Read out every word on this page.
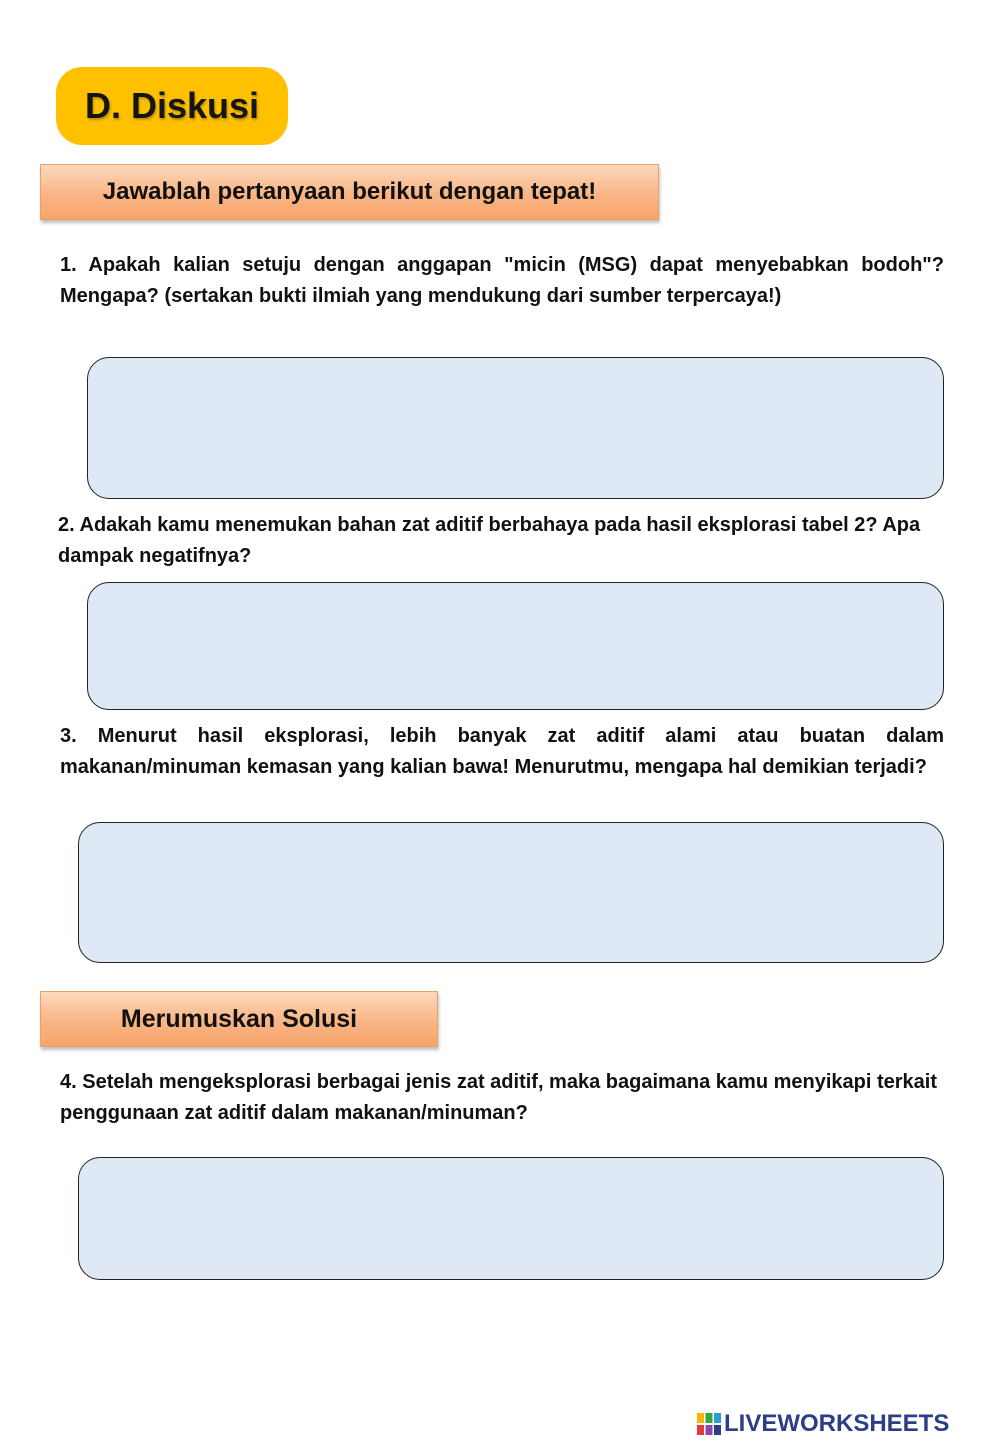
D. Diskusi
Jawablah pertanyaan berikut dengan tepat!
1. Apakah kalian setuju dengan anggapan "micin (MSG) dapat menyebabkan bodoh"? Mengapa? (sertakan bukti ilmiah yang mendukung dari sumber terpercaya!)
2. Adakah kamu menemukan bahan zat aditif berbahaya pada hasil eksplorasi tabel 2? Apa dampak negatifnya?
3. Menurut hasil eksplorasi, lebih banyak zat aditif alami atau buatan dalam makanan/minuman kemasan yang kalian bawa! Menurutmu, mengapa hal demikian terjadi?
Merumuskan Solusi
4. Setelah mengeksplorasi berbagai jenis zat aditif, maka bagaimana kamu menyikapi terkait penggunaan zat aditif dalam makanan/minuman?
LIVEWORKSHEETS
